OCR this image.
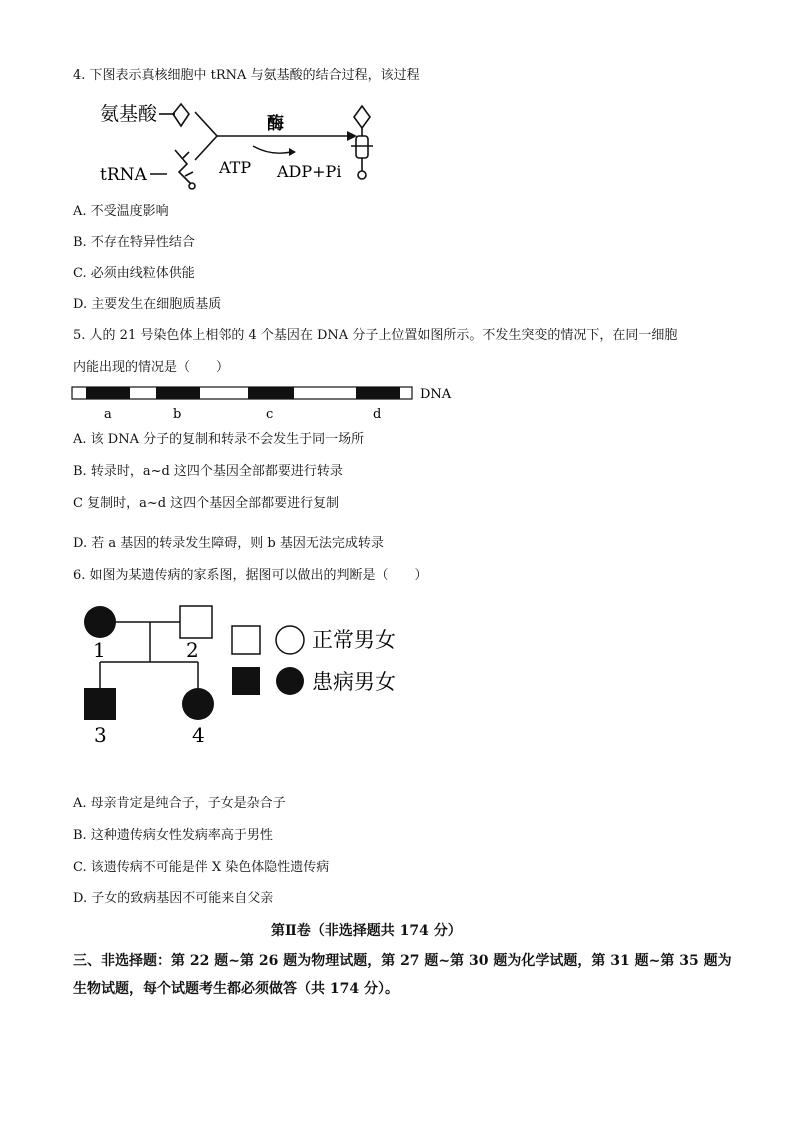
4. 下图表示真核细胞中 tRNA 与氨基酸的结合过程，该过程
氨基酸
tRNA
酶
ATP ADP+Pi
A. 不受温度影响
B. 不存在特异性结合
C. 必须由线粒体供能
D. 主要发生在细胞质基质
5. 人的 21 号染色体上相邻的 4 个基因在 DNA 分子上位置如图所示。不发生突变的情况下，在同一细胞
内能出现的情况是（　　）
DNA
a	b	c	d
A. 该 DNA 分子的复制和转录不会发生于同一场所
B. 转录时，a~d 这四个基因全部都要进行转录
C 复制时，a~d 这四个基因全部都要进行复制
D. 若 a 基因的转录发生障碍，则 b 基因无法完成转录
6. 如图为某遗传病的家系图，据图可以做出的判断是（　　）
1	2
3	4
正常男女
患病男女
A. 母亲肯定是纯合子，子女是杂合子
B. 这种遗传病女性发病率高于男性
C. 该遗传病不可能是伴 X 染色体隐性遗传病
D. 子女的致病基因不可能来自父亲
第Ⅱ卷（非选择题共 174 分）
三、非选择题：第 22 题~第 26 题为物理试题，第 27 题~第 30 题为化学试题，第 31 题~第 35 题为生物试题，每个试题考生都必须做答（共 174 分）。
